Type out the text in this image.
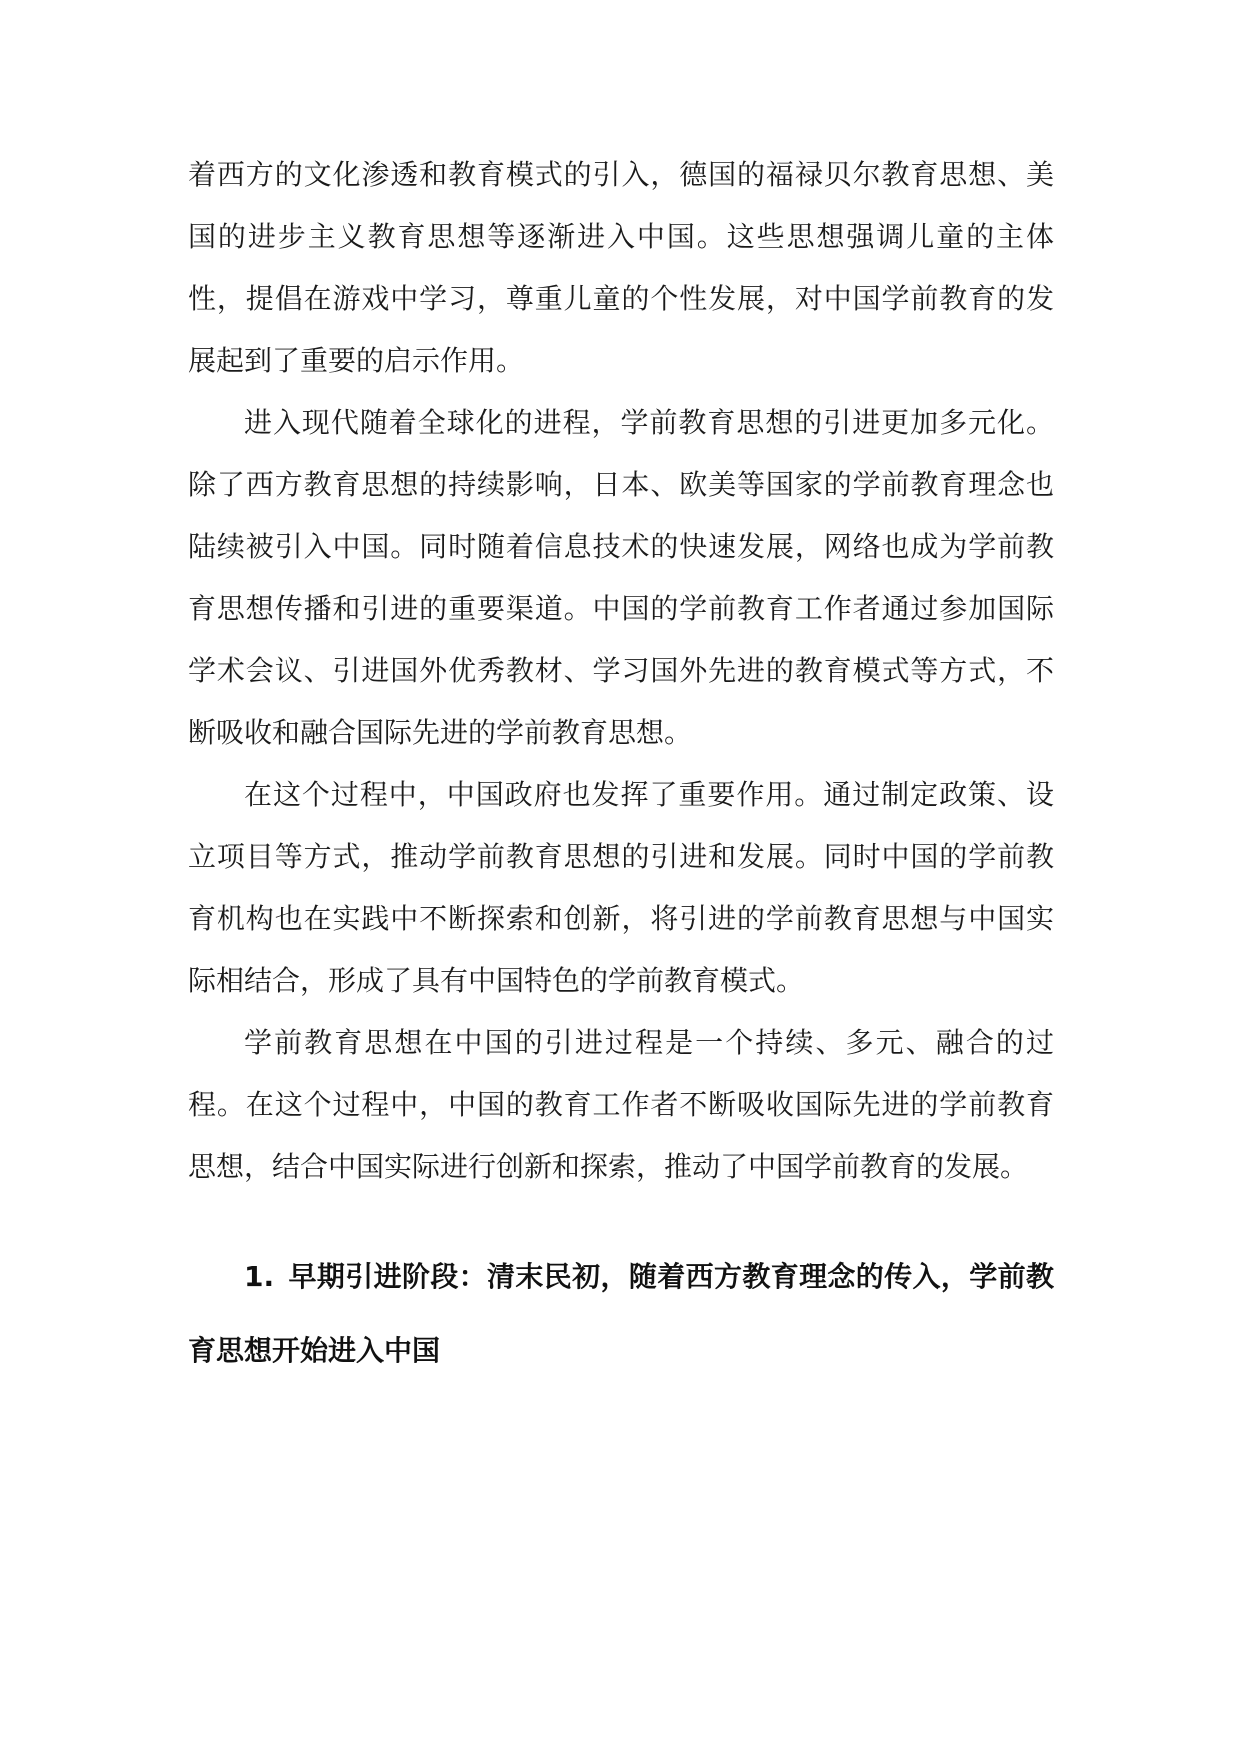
着西方的文化渗透和教育模式的引入，德国的福禄贝尔教育思想、美国的进步主义教育思想等逐渐进入中国。这些思想强调儿童的主体性，提倡在游戏中学习，尊重儿童的个性发展，对中国学前教育的发展起到了重要的启示作用。

进入现代随着全球化的进程，学前教育思想的引进更加多元化。除了西方教育思想的持续影响，日本、欧美等国家的学前教育理念也陆续被引入中国。同时随着信息技术的快速发展，网络也成为学前教育思想传播和引进的重要渠道。中国的学前教育工作者通过参加国际学术会议、引进国外优秀教材、学习国外先进的教育模式等方式，不断吸收和融合国际先进的学前教育思想。

在这个过程中，中国政府也发挥了重要作用。通过制定政策、设立项目等方式，推动学前教育思想的引进和发展。同时中国的学前教育机构也在实践中不断探索和创新，将引进的学前教育思想与中国实际相结合，形成了具有中国特色的学前教育模式。

学前教育思想在中国的引进过程是一个持续、多元、融合的过程。在这个过程中，中国的教育工作者不断吸收国际先进的学前教育思想，结合中国实际进行创新和探索，推动了中国学前教育的发展。

1. 早期引进阶段：清末民初，随着西方教育理念的传入，学前教育思想开始进入中国
